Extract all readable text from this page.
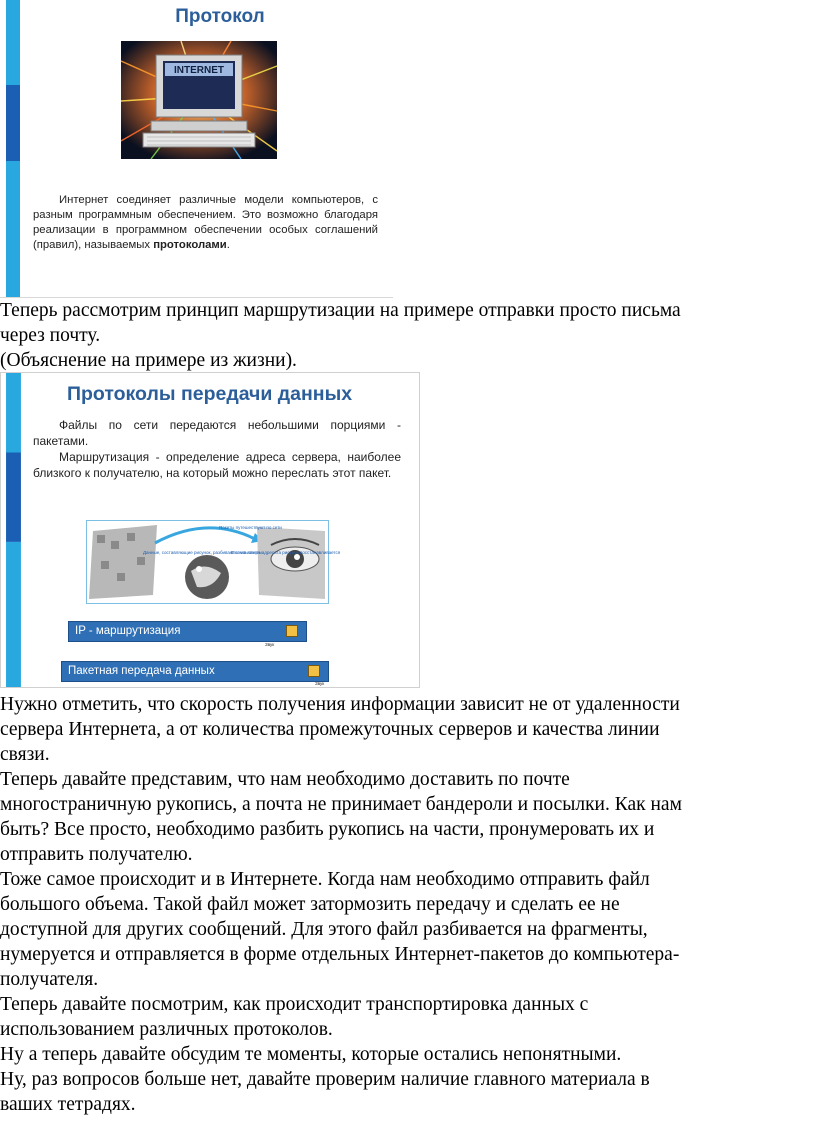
Протокол
INTERNET
Интернет соединяет различные модели компьютеров, с разным программным обеспечением. Это возможно благодаря реализации в программном обеспечении особых соглашений (правил), называемых протоколами.
Теперь рассмотрим принцип маршрутизации на примере отправки просто письма
через почту.
(Объяснение на примере из жизни).
Протоколы передачи данных
Файлы по сети передаются небольшими порциями - пакетами.
Маршрутизация - определение адреса сервера, наиболее близкого к получателю, на который можно переслать этот пакет.
Пакеты путешествуют по сети
Данные, составляющие рисунок, разбиваются на пакеты
В компьютере адресата рисунок восстанавливается
IP - маршрутизация
Звук
Пакетная передача данных
Звук
Нужно отметить, что скорость получения информации зависит не от удаленности
сервера Интернета, а от количества промежуточных серверов и качества линии
связи.
Теперь давайте представим, что нам необходимо доставить по почте
многостраничную рукопись, а почта не принимает бандероли и посылки. Как нам
быть? Все просто, необходимо разбить рукопись на части, пронумеровать их и
отправить получателю.
Тоже самое происходит и в Интернете. Когда нам необходимо отправить файл
большого объема. Такой файл может затормозить передачу и сделать ее не
доступной для других сообщений. Для этого файл разбивается на фрагменты,
нумеруется и отправляется в форме отдельных Интернет-пакетов до компьютера-
получателя.
Теперь давайте посмотрим, как происходит транспортировка данных с
использованием различных протоколов.
Ну а теперь давайте обсудим те моменты, которые остались непонятными.
Ну, раз вопросов больше нет, давайте проверим наличие главного материала в
ваших тетрадях.
